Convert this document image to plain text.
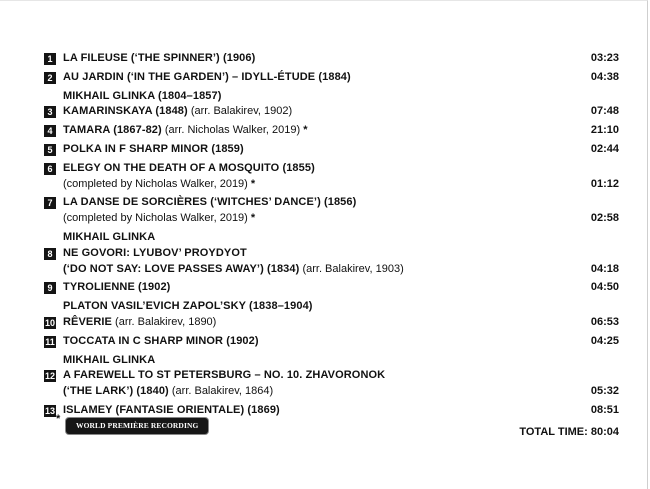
1 LA FILEUSE (‘THE SPINNER’) (1906)	03:23
2 AU JARDIN (‘IN THE GARDEN’) – IDYLL-ÉTUDE (1884)	04:38
MIKHAIL GLINKA (1804–1857)
3 KAMARINSKAYA (1848) (arr. Balakirev, 1902)	07:48
4 TAMARA (1867-82) (arr. Nicholas Walker, 2019) *	21:10
5 POLKA IN F SHARP MINOR (1859)	02:44
6 ELEGY ON THE DEATH OF A MOSQUITO (1855)
(completed by Nicholas Walker, 2019) *	01:12
7 LA DANSE DE SORCIÈRES (‘WITCHES’ DANCE’) (1856)
(completed by Nicholas Walker, 2019) *	02:58
MIKHAIL GLINKA
8 NE GOVORI: LYUBOV’ PROYDYOT
(‘DO NOT SAY: LOVE PASSES AWAY’) (1834) (arr. Balakirev, 1903)	04:18
9 TYROLIENNE (1902)	04:50
PLATON VASIL’EVICH ZAPOL’SKY (1838–1904)
10 RÊVERIE (arr. Balakirev, 1890)	06:53
11 TOCCATA IN C SHARP MINOR (1902)	04:25
MIKHAIL GLINKA
12 A FAREWELL TO ST PETERSBURG – NO. 10. ZHAVORONOK
(‘THE LARK’) (1840) (arr. Balakirev, 1864)	05:32
13 ISLAMEY (FANTASIE ORIENTALE) (1869)	08:51
*
WORLD PREMIÈRE RECORDING
TOTAL TIME: 80:04
